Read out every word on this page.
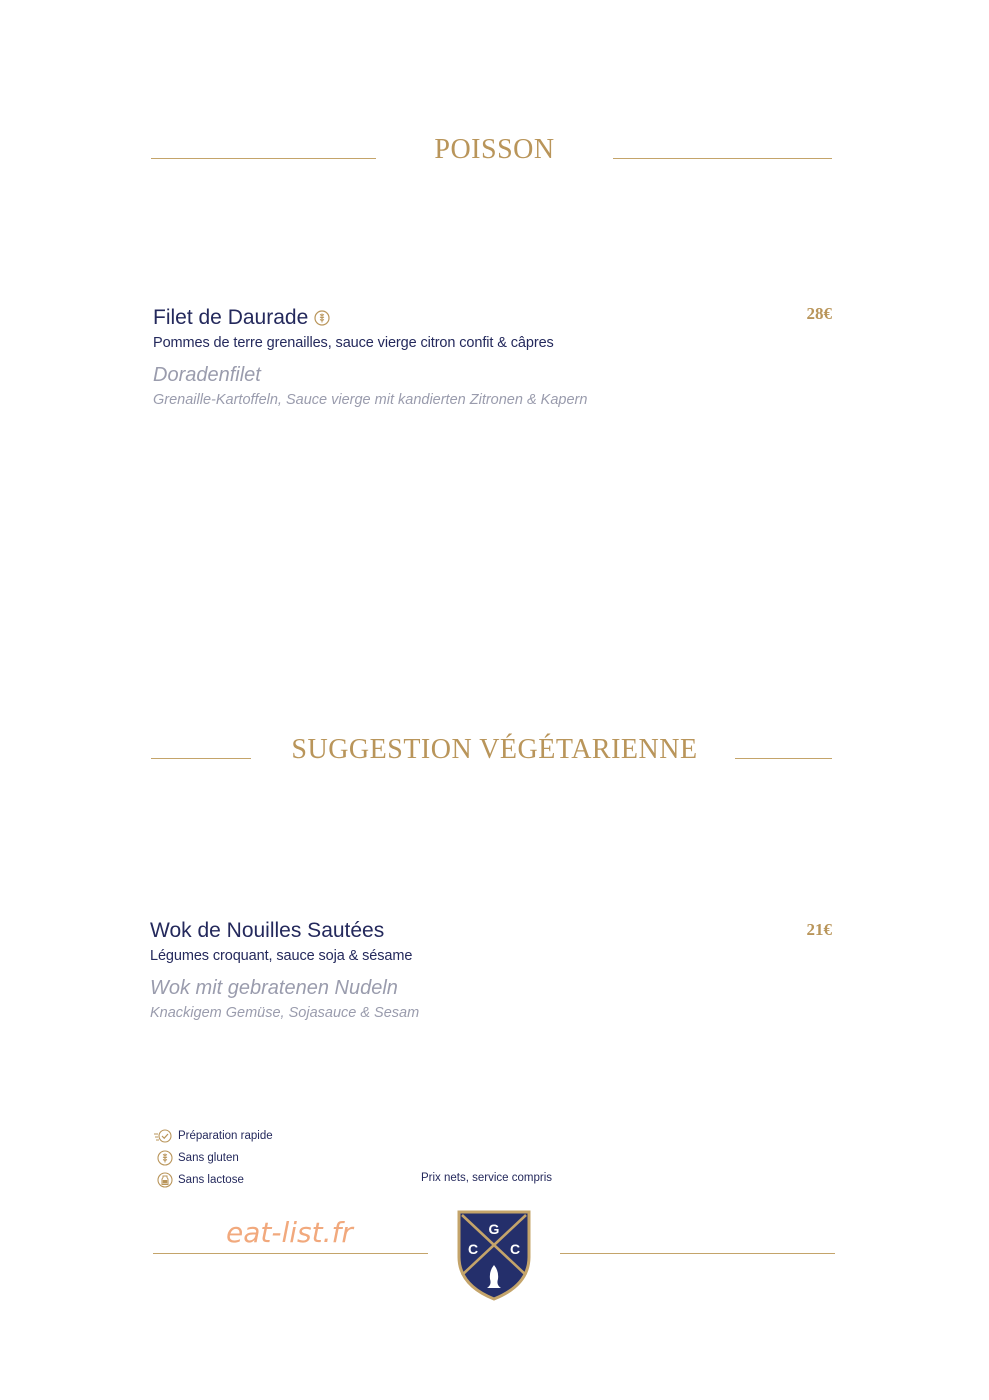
POISSON
Filet de Daurade
Pommes de terre grenailles, sauce vierge citron confit & câpres
Doradenfilet
Grenaille-Kartoffeln, Sauce vierge mit kandierten Zitronen & Kapern
28€
SUGGESTION VÉGÉTARIENNE
Wok de Nouilles Sautées
Légumes croquant, sauce soja & sésame
Wok mit gebratenen Nudeln
Knackigem Gemüse, Sojasauce & Sesam
21€
Préparation rapide
Sans gluten
Sans lactose	Prix nets, service compris
eat-list.fr	G
C C
